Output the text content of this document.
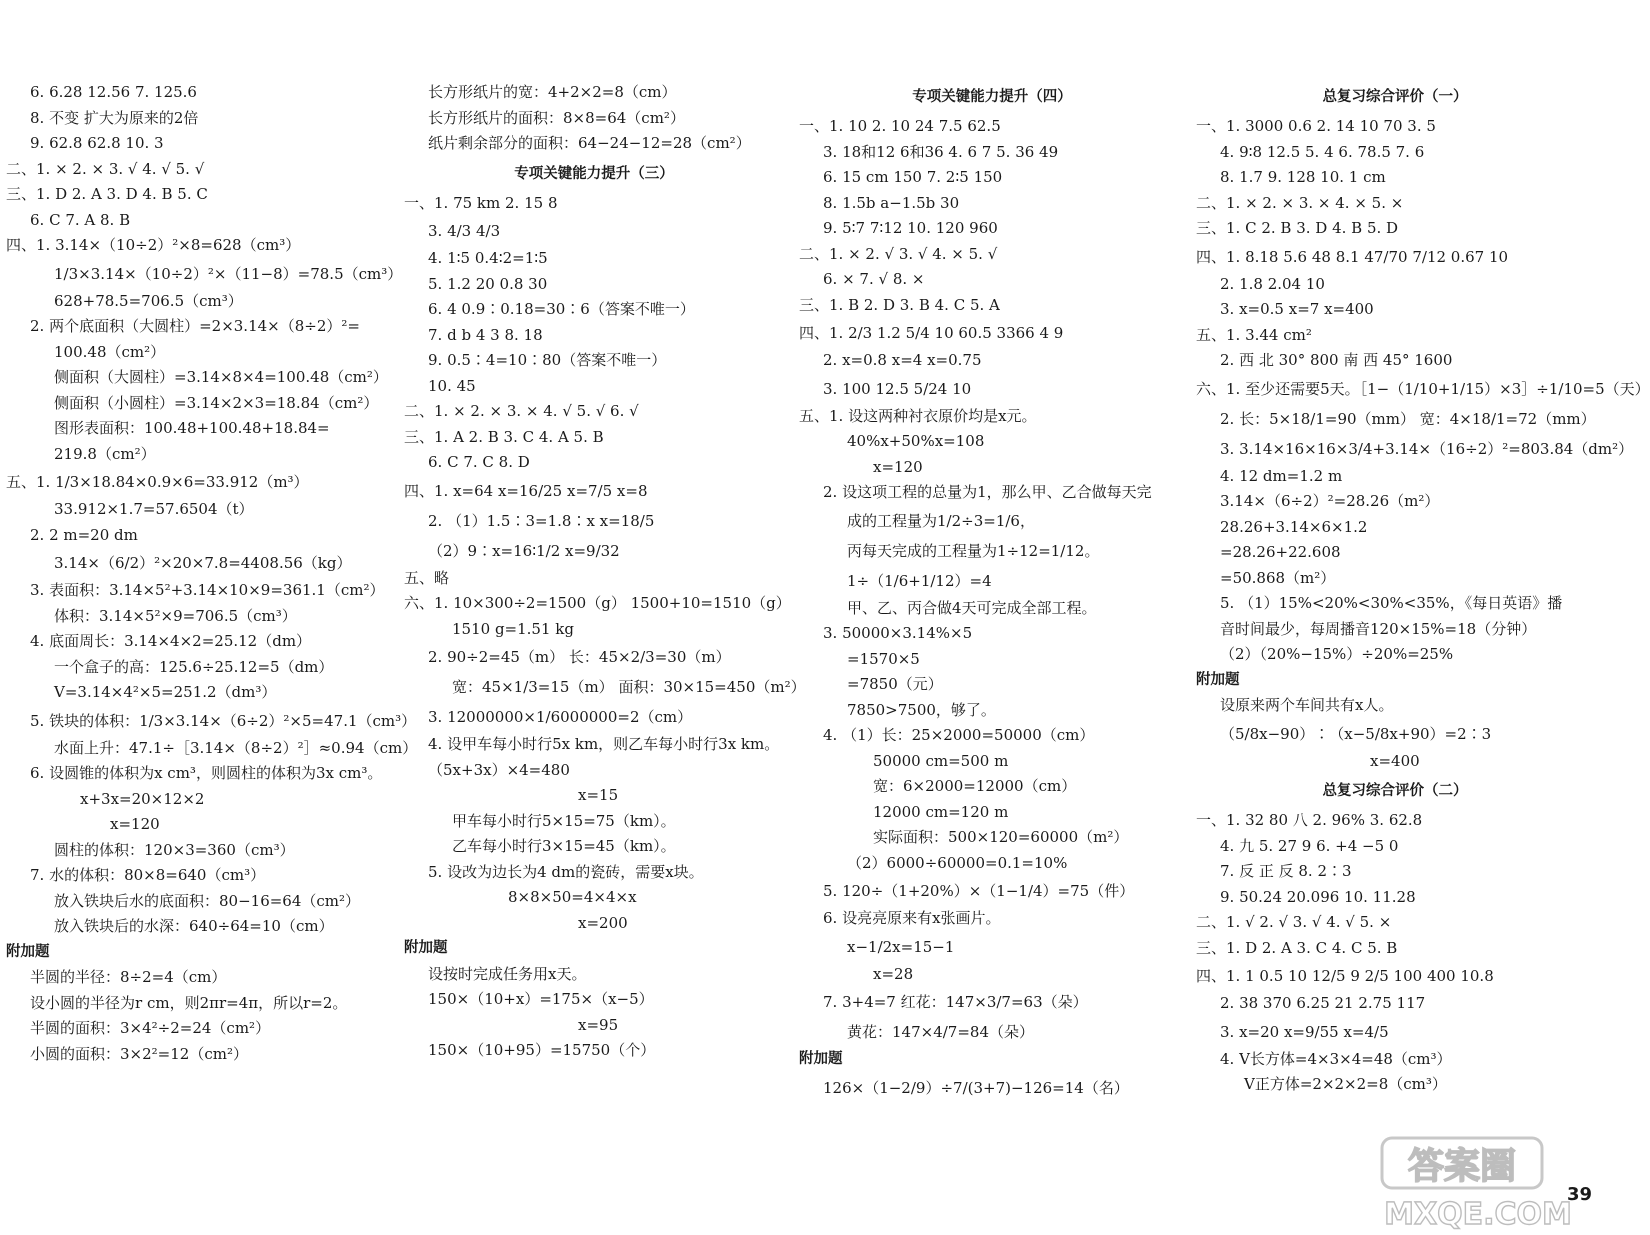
6. 6.28 12.56 7. 125.6
8. 不变 扩大为原来的2倍
9. 62.8 62.8 10. 3
二、1. × 2. × 3. √ 4. √ 5. √
三、1. D 2. A 3. D 4. B 5. C
6. C 7. A 8. B
四、1. 3.14×（10÷2）²×8=628（cm³）
1/3×3.14×（10÷2）²×（11−8）=78.5（cm³）
628+78.5=706.5（cm³）
2. 两个底面积（大圆柱）=2×3.14×（8÷2）²=
100.48（cm²）
侧面积（大圆柱）=3.14×8×4=100.48（cm²）
侧面积（小圆柱）=3.14×2×3=18.84（cm²）
图形表面积：100.48+100.48+18.84=
219.8（cm²）
五、1. 1/3×18.84×0.9×6=33.912（m³）
33.912×1.7=57.6504（t）
2. 2 m=20 dm
3.14×（6/2）²×20×7.8=4408.56（kg）
3. 表面积：3.14×5²+3.14×10×9=361.1（cm²）
体积：3.14×5²×9=706.5（cm³）
4. 底面周长：3.14×4×2=25.12（dm）
一个盒子的高：125.6÷25.12=5（dm）
V=3.14×4²×5=251.2（dm³）
5. 铁块的体积：1/3×3.14×（6÷2）²×5=47.1（cm³）
水面上升：47.1÷［3.14×（8÷2）²］≈0.94（cm）
6. 设圆锥的体积为x cm³，则圆柱的体积为3x cm³。
x+3x=20×12×2
x=120
圆柱的体积：120×3=360（cm³）
7. 水的体积：80×8=640（cm³）
放入铁块后水的底面积：80−16=64（cm²）
放入铁块后的水深：640÷64=10（cm）
附加题
半圆的半径：8÷2=4（cm）
设小圆的半径为r cm，则2πr=4π，所以r=2。
半圆的面积：3×4²÷2=24（cm²）
小圆的面积：3×2²=12（cm²）
长方形纸片的宽：4+2×2=8（cm）
长方形纸片的面积：8×8=64（cm²）
纸片剩余部分的面积：64−24−12=28（cm²）
专项关键能力提升（三）
一、1. 75 km 2. 15 8
3. 4/3 4/3
4. 1∶5 0.4∶2=1∶5
5. 1.2 20 0.8 30
6. 4 0.9∶0.18=30∶6（答案不唯一）
7. d b 4 3 8. 18
9. 0.5∶4=10∶80（答案不唯一）
10. 45
二、1. × 2. × 3. × 4. √ 5. √ 6. √
三、1. A 2. B 3. C 4. A 5. B
6. C 7. C 8. D
四、1. x=64 x=16/25 x=7/5 x=8
2. （1）1.5∶3=1.8∶x x=18/5
（2）9∶x=16∶1/2 x=9/32
五、略
六、1. 10×300÷2=1500（g） 1500+10=1510（g）
1510 g=1.51 kg
2. 90÷2=45（m） 长：45×2/3=30（m）
宽：45×1/3=15（m） 面积：30×15=450（m²）
3. 12000000×1/6000000=2（cm）
4. 设甲车每小时行5x km，则乙车每小时行3x km。
（5x+3x）×4=480
x=15
甲车每小时行5×15=75（km）。
乙车每小时行3×15=45（km）。
5. 设改为边长为4 dm的瓷砖，需要x块。
8×8×50=4×4×x
x=200
附加题
设按时完成任务用x天。
150×（10+x）=175×（x−5）
x=95
150×（10+95）=15750（个）
专项关键能力提升（四）
一、1. 10 2. 10 24 7.5 62.5
3. 18和12 6和36 4. 6 7 5. 36 49
6. 15 cm 150 7. 2∶5 150
8. 1.5b a−1.5b 30
9. 5∶7 7∶12 10. 120 960
二、1. × 2. √ 3. √ 4. × 5. √
6. × 7. √ 8. ×
三、1. B 2. D 3. B 4. C 5. A
四、1. 2/3 1.2 5/4 10 60.5 3366 4 9
2. x=0.8 x=4 x=0.75
3. 100 12.5 5/24 10
五、1. 设这两种衬衣原价均是x元。
40%x+50%x=108
x=120
2. 设这项工程的总量为1，那么甲、乙合做每天完
成的工程量为1/2÷3=1/6，
丙每天完成的工程量为1÷12=1/12。
1÷（1/6+1/12）=4
甲、乙、丙合做4天可完成全部工程。
3. 50000×3.14%×5
=1570×5
=7850（元）
7850>7500，够了。
4. （1）长：25×2000=50000（cm）
50000 cm=500 m
宽：6×2000=12000（cm）
12000 cm=120 m
实际面积：500×120=60000（m²）
（2）6000÷60000=0.1=10%
5. 120÷（1+20%）×（1−1/4）=75（件）
6. 设亮亮原来有x张画片。
x−1/2x=15−1
x=28
7. 3+4=7 红花：147×3/7=63（朵）
黄花：147×4/7=84（朵）
附加题
126×（1−2/9）÷7/(3+7)−126=14（名）
总复习综合评价（一）
一、1. 3000 0.6 2. 14 10 70 3. 5
4. 9∶8 12.5 5. 4 6. 78.5 7. 6
8. 1.7 9. 128 10. 1 cm
二、1. × 2. × 3. × 4. × 5. ×
三、1. C 2. B 3. D 4. B 5. D
四、1. 8.18 5.6 48 8.1 47/70 7/12 0.67 10
2. 1.8 2.04 10
3. x=0.5 x=7 x=400
五、1. 3.44 cm²
2. 西 北 30° 800 南 西 45° 1600
六、1. 至少还需要5天。［1−（1/10+1/15）×3］÷1/10=5（天）
2. 长：5×18/1=90（mm） 宽：4×18/1=72（mm）
3. 3.14×16×16×3/4+3.14×（16÷2）²=803.84（dm²）
4. 12 dm=1.2 m
3.14×（6÷2）²=28.26（m²）
28.26+3.14×6×1.2
=28.26+22.608
=50.868（m²）
5. （1）15%<20%<30%<35%，《每日英语》播
音时间最少，每周播音120×15%=18（分钟）
（2）（20%−15%）÷20%=25%
附加题
设原来两个车间共有x人。
（5/8x−90）∶（x−5/8x+90）=2∶3
x=400
总复习综合评价（二）
一、1. 32 80 八 2. 96% 3. 62.8
4. 九 5. 27 9 6. +4 −5 0
7. 反 正 反 8. 2∶3
9. 50.24 20.096 10. 11.28
二、1. √ 2. √ 3. √ 4. √ 5. ×
三、1. D 2. A 3. C 4. C 5. B
四、1. 1 0.5 10 12/5 9 2/5 100 400 10.8
2. 38 370 6.25 21 2.75 117
3. x=20 x=9/55 x=4/5
4. V长方体=4×3×4=48（cm³）
V正方体=2×2×2=8（cm³）
答案圈
MXQE.COM
39
